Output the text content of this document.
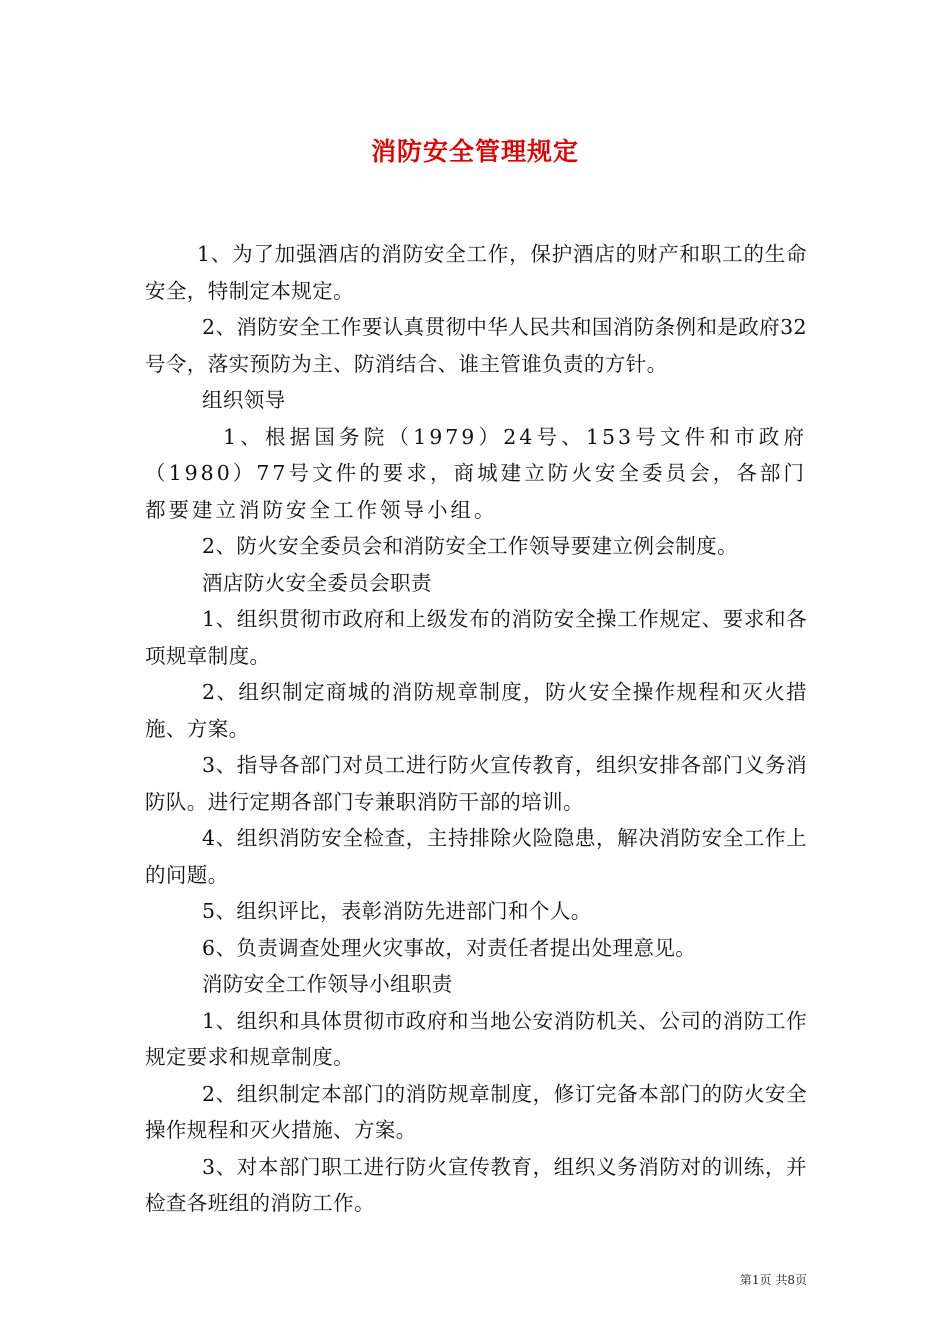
消防安全管理规定

1、为了加强酒店的消防安全工作，保护酒店的财产和职工的生命安全，特制定本规定。

2、消防安全工作要认真贯彻中华人民共和国消防条例和是政府32号令，落实预防为主、防消结合、谁主管谁负责的方针。

组织领导

1、根据国务院（1979）24号、153号文件和市政府（1980）77号文件的要求，商城建立防火安全委员会，各部门都要建立消防安全工作领导小组。

2、防火安全委员会和消防安全工作领导要建立例会制度。

酒店防火安全委员会职责

1、组织贯彻市政府和上级发布的消防安全操工作规定、要求和各项规章制度。

2、组织制定商城的消防规章制度，防火安全操作规程和灭火措施、方案。

3、指导各部门对员工进行防火宣传教育，组织安排各部门义务消防队。进行定期各部门专兼职消防干部的培训。

4、组织消防安全检查，主持排除火险隐患，解决消防安全工作上的问题。

5、组织评比，表彰消防先进部门和个人。

6、负责调查处理火灾事故，对责任者提出处理意见。

消防安全工作领导小组职责

1、组织和具体贯彻市政府和当地公安消防机关、公司的消防工作规定要求和规章制度。

2、组织制定本部门的消防规章制度，修订完备本部门的防火安全操作规程和灭火措施、方案。

3、对本部门职工进行防火宣传教育，组织义务消防对的训练，并检查各班组的消防工作。

第1页 共8页
